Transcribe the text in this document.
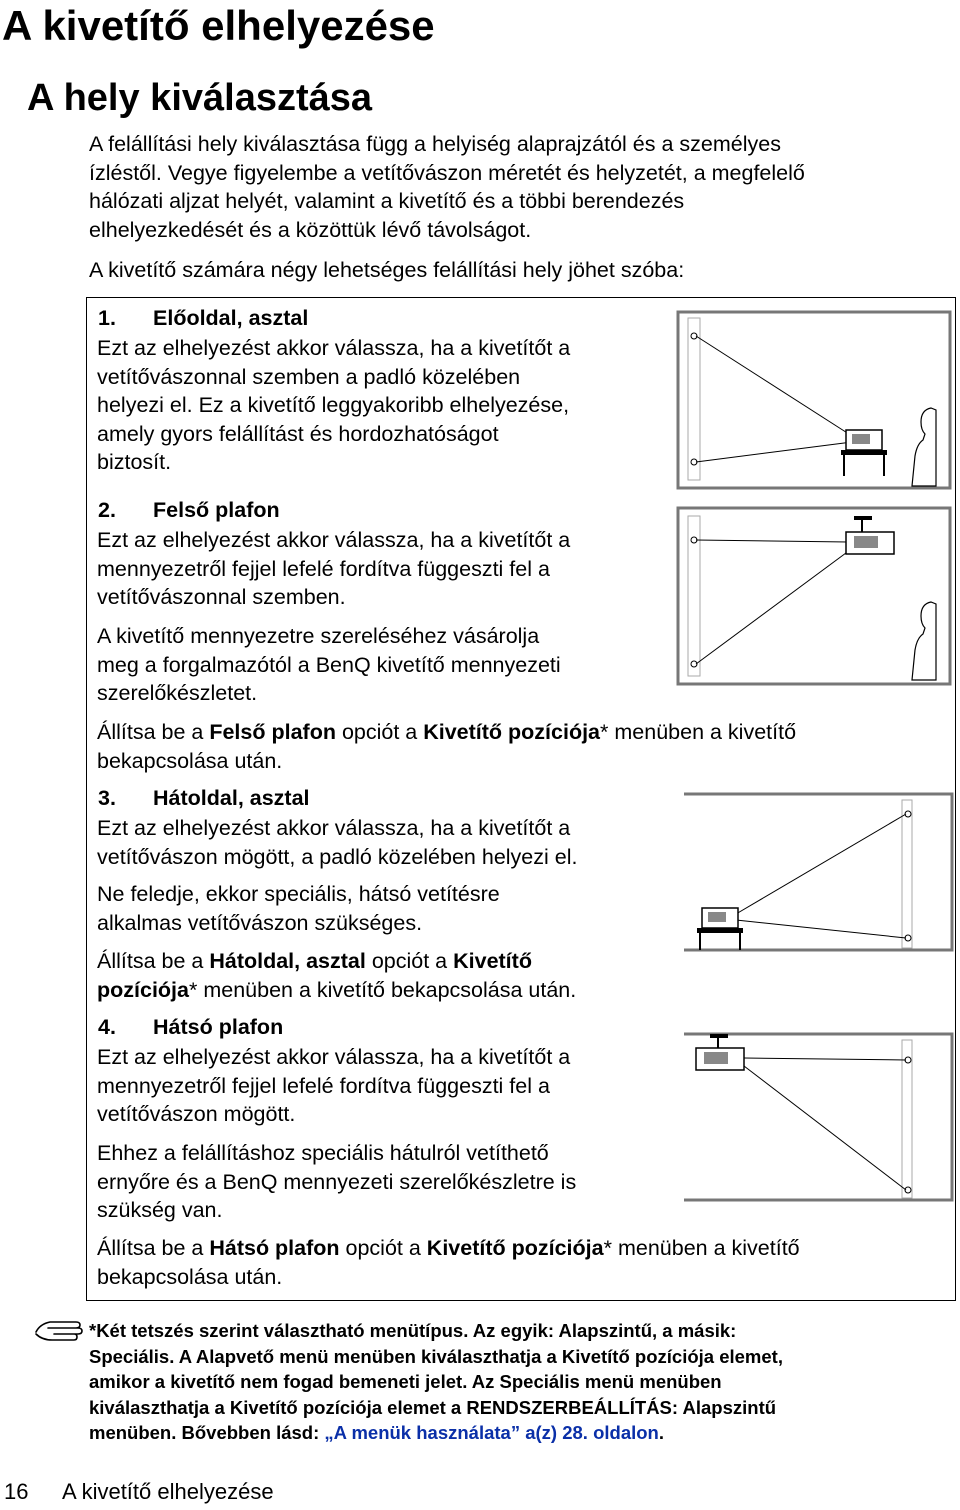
A kivetítő elhelyezése
A hely kiválasztása
A felállítási hely kiválasztása függ a helyiség alaprajzától és a személyes
ízléstől. Vegye figyelembe a vetítővászon méretét és helyzetét, a megfelelő
hálózati aljzat helyét, valamint a kivetítő és a többi berendezés
elhelyezkedését és a közöttük lévő távolságot.
A kivetítő számára négy lehetséges felállítási hely jöhet szóba:
1. Előoldal, asztal
Ezt az elhelyezést akkor válassza, ha a kivetítőt a
vetítővászonnal szemben a padló közelében
helyezi el. Ez a kivetítő leggyakoribb elhelyezése,
amely gyors felállítást és hordozhatóságot
biztosít.
2. Felső plafon
Ezt az elhelyezést akkor válassza, ha a kivetítőt a
mennyezetről fejjel lefelé fordítva függeszti fel a
vetítővászonnal szemben.
A kivetítő mennyezetre szereléséhez vásárolja
meg a forgalmazótól a BenQ kivetítő mennyezeti
szerelőkészletet.
Állítsa be a Felső plafon opciót a Kivetítő pozíciója* menüben a kivetítő
bekapcsolása után.
3. Hátoldal, asztal
Ezt az elhelyezést akkor válassza, ha a kivetítőt a
vetítővászon mögött, a padló közelében helyezi el.
Ne feledje, ekkor speciális, hátsó vetítésre
alkalmas vetítővászon szükséges.
Állítsa be a Hátoldal, asztal opciót a Kivetítő
pozíciója* menüben a kivetítő bekapcsolása után.
4. Hátsó plafon
Ezt az elhelyezést akkor válassza, ha a kivetítőt a
mennyezetről fejjel lefelé fordítva függeszti fel a
vetítővászon mögött.
Ehhez a felállításhoz speciális hátulról vetíthető
ernyőre és a BenQ mennyezeti szerelőkészletre is
szükség van.
Állítsa be a Hátsó plafon opciót a Kivetítő pozíciója* menüben a kivetítő
bekapcsolása után.
*Két tetszés szerint választható menütípus. Az egyik: Alapszintű, a másik:
Speciális. A Alapvető menü menüben kiválaszthatja a Kivetítő pozíciója elemet,
amikor a kivetítő nem fogad bemeneti jelet. Az Speciális menü menüben
kiválaszthatja a Kivetítő pozíciója elemet a RENDSZERBEÁLLÍTÁS: Alapszintű
menüben. Bővebben lásd: „A menük használata” a(z) 28. oldalon.
16 A kivetítő elhelyezése
